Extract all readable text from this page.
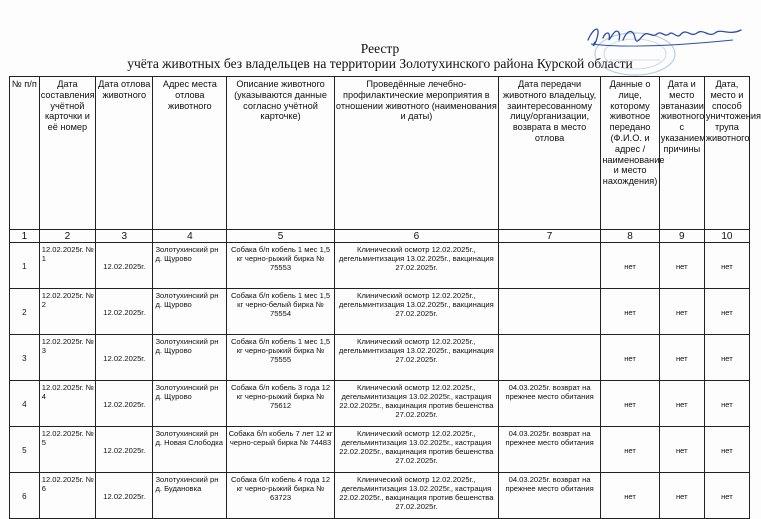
Реестр
учёта животных без владельцев на территории Золотухинского района Курской области
№ п/п	Дата составления учётной карточки и её номер	Дата отлова животного	Адрес места отлова животного	Описание животного (указываются данные согласно учётной карточке)	Проведённые лечебно-профилактические мероприятия в отношении животного (наименования и даты)	Дата передачи животного владельцу, заинтересованному лицу/организации, возврата в место отлова	Данные о лице, которому животное передано (Ф.И.О. и адрес / наименование и место нахождения)	Дата и место эвтаназии животного с указанием причины	Дата, место и способ уничтожения трупа животного
1	2	3	4	5	6	7	8	9	10
1	12.02.2025г. № 1	12.02.2025г.	Золотухинский рн д. Щурово	Собака б/п кобель 1 мес 1,5 кг черно-рыжий бирка № 75553	Клинический осмотр 12.02.2025г., дегельминтизация 13.02.2025г., вакцинация 27.02.2025г.		нет	нет	нет
2	12.02.2025г. № 2	12.02.2025г.	Золотухинский рн д. Щурово	Собака б/п кобель 1 мес 1,5 кг черно-белый бирка № 75554	Клинический осмотр 12.02.2025г., дегельминтизация 13.02.2025г., вакцинация 27.02.2025г.		нет	нет	нет
3	12.02.2025г. № 3	12.02.2025г.	Золотухинский рн д. Щурово	Собака б/п кобель 1 мес 1,5 кг черно-рыжий бирка № 75555	Клинический осмотр 12.02.2025г., дегельминтизация 13.02.2025г., вакцинация 27.02.2025г.		нет	нет	нет
4	12.02.2025г. № 4	12.02.2025г.	Золотухинский рн д. Щурово	Собака б/п кобель 3 года 12 кг черно-рыжий бирка № 75612	Клинический осмотр 12.02.2025г., дегельминтизация 13.02.2025г., кастрация 22.02.2025г., вакцинация против бешенства 27.02.2025г.	04.03.2025г. возврат на прежнее место обитания	нет	нет	нет
5	12.02.2025г. № 5	12.02.2025г.	Золотухинский рн д. Новая Слободка	Собака б/п кобель 7 лет 12 кг черно-серый бирка № 74483	Клинический осмотр 12.02.2025г., дегельминтизация 13.02.2025г., кастрация 22.02.2025г., вакцинация против бешенства 27.02.2025г.	04.03.2025г. возврат на прежнее место обитания	нет	нет	нет
6	12.02.2025г. № 6	12.02.2025г.	Золотухинский рн д. Будановка	Собака б/п кобель 4 года 12 кг черно-рыжий бирка № 63723	Клинический осмотр 12.02.2025г., дегельминтизация 13.02.2025г., кастрация 22.02.2025г., вакцинация против бешенства 27.02.2025г.	04.03.2025г. возврат на прежнее место обитания	нет	нет	нет
